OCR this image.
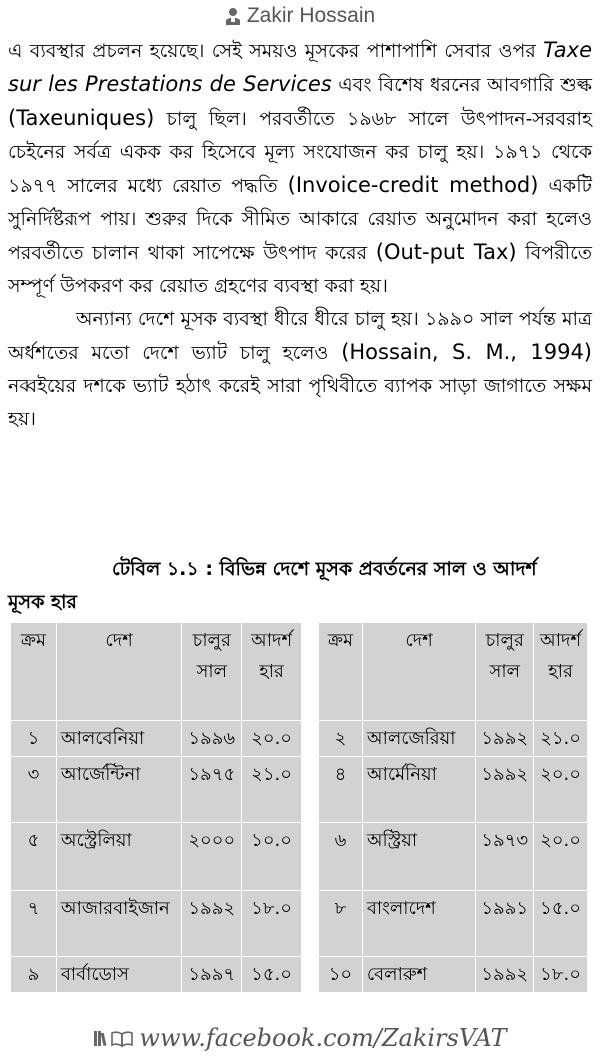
Zakir Hossain

এ ব্যবস্থার প্রচলন হয়েছে। সেই সময়ও মূসকের পাশাপাশি সেবার ওপর Taxe sur les Prestations de Services এবং বিশেষ ধরনের আবগারি শুল্ক (Taxeuniques) চালু ছিল। পরবর্তীতে ১৯৬৮ সালে উৎপাদন-সরবরাহ চেইনের সর্বত্র একক কর হিসেবে মূল্য সংযোজন কর চালু হয়। ১৯৭১ থেকে ১৯৭৭ সালের মধ্যে রেয়াত পদ্ধতি (Invoice-credit method) একটি সুনির্দিষ্টরূপ পায়। শুরুর দিকে সীমিত আকারে রেয়াত অনুমোদন করা হলেও পরবর্তীতে চালান থাকা সাপেক্ষে উৎপাদ করের (Out-put Tax) বিপরীতে সম্পূর্ণ উপকরণ কর রেয়াত গ্রহণের ব্যবস্থা করা হয়।

অন্যান্য দেশে মূসক ব্যবস্থা ধীরে ধীরে চালু হয়। ১৯৯০ সাল পর্যন্ত মাত্র অর্ধশতের মতো দেশে ভ্যাট চালু হলেও (Hossain, S. M., 1994) নব্বইয়ের দশকে ভ্যাট হঠাৎ করেই সারা পৃথিবীতে ব্যাপক সাড়া জাগাতে সক্ষম হয়।

টেবিল ১.১ : বিভিন্ন দেশে মূসক প্রবর্তনের সাল ও আদর্শ
মূসক হার
ক্রম	দেশ	চালুর সাল	আদর্শ হার
১	আলবেনিয়া	১৯৯৬	২০.০
৩	আর্জেন্টিনা	১৯৭৫	২১.০
৫	অস্ট্রেলিয়া	২০০০	১০.০
৭	আজারবাইজান	১৯৯২	১৮.০
৯	বার্বাডোস	১৯৯৭	১৫.০
ক্রম	দেশ	চালুর সাল	আদর্শ হার
২	আলজেরিয়া	১৯৯২	২১.০
৪	আর্মেনিয়া	১৯৯২	২০.০
৬	অস্ট্রিয়া	১৯৭৩	২০.০
৮	বাংলাদেশ	১৯৯১	১৫.০
১০	বেলারুশ	১৯৯২	১৮.০
www.facebook.com/ZakirsVAT
